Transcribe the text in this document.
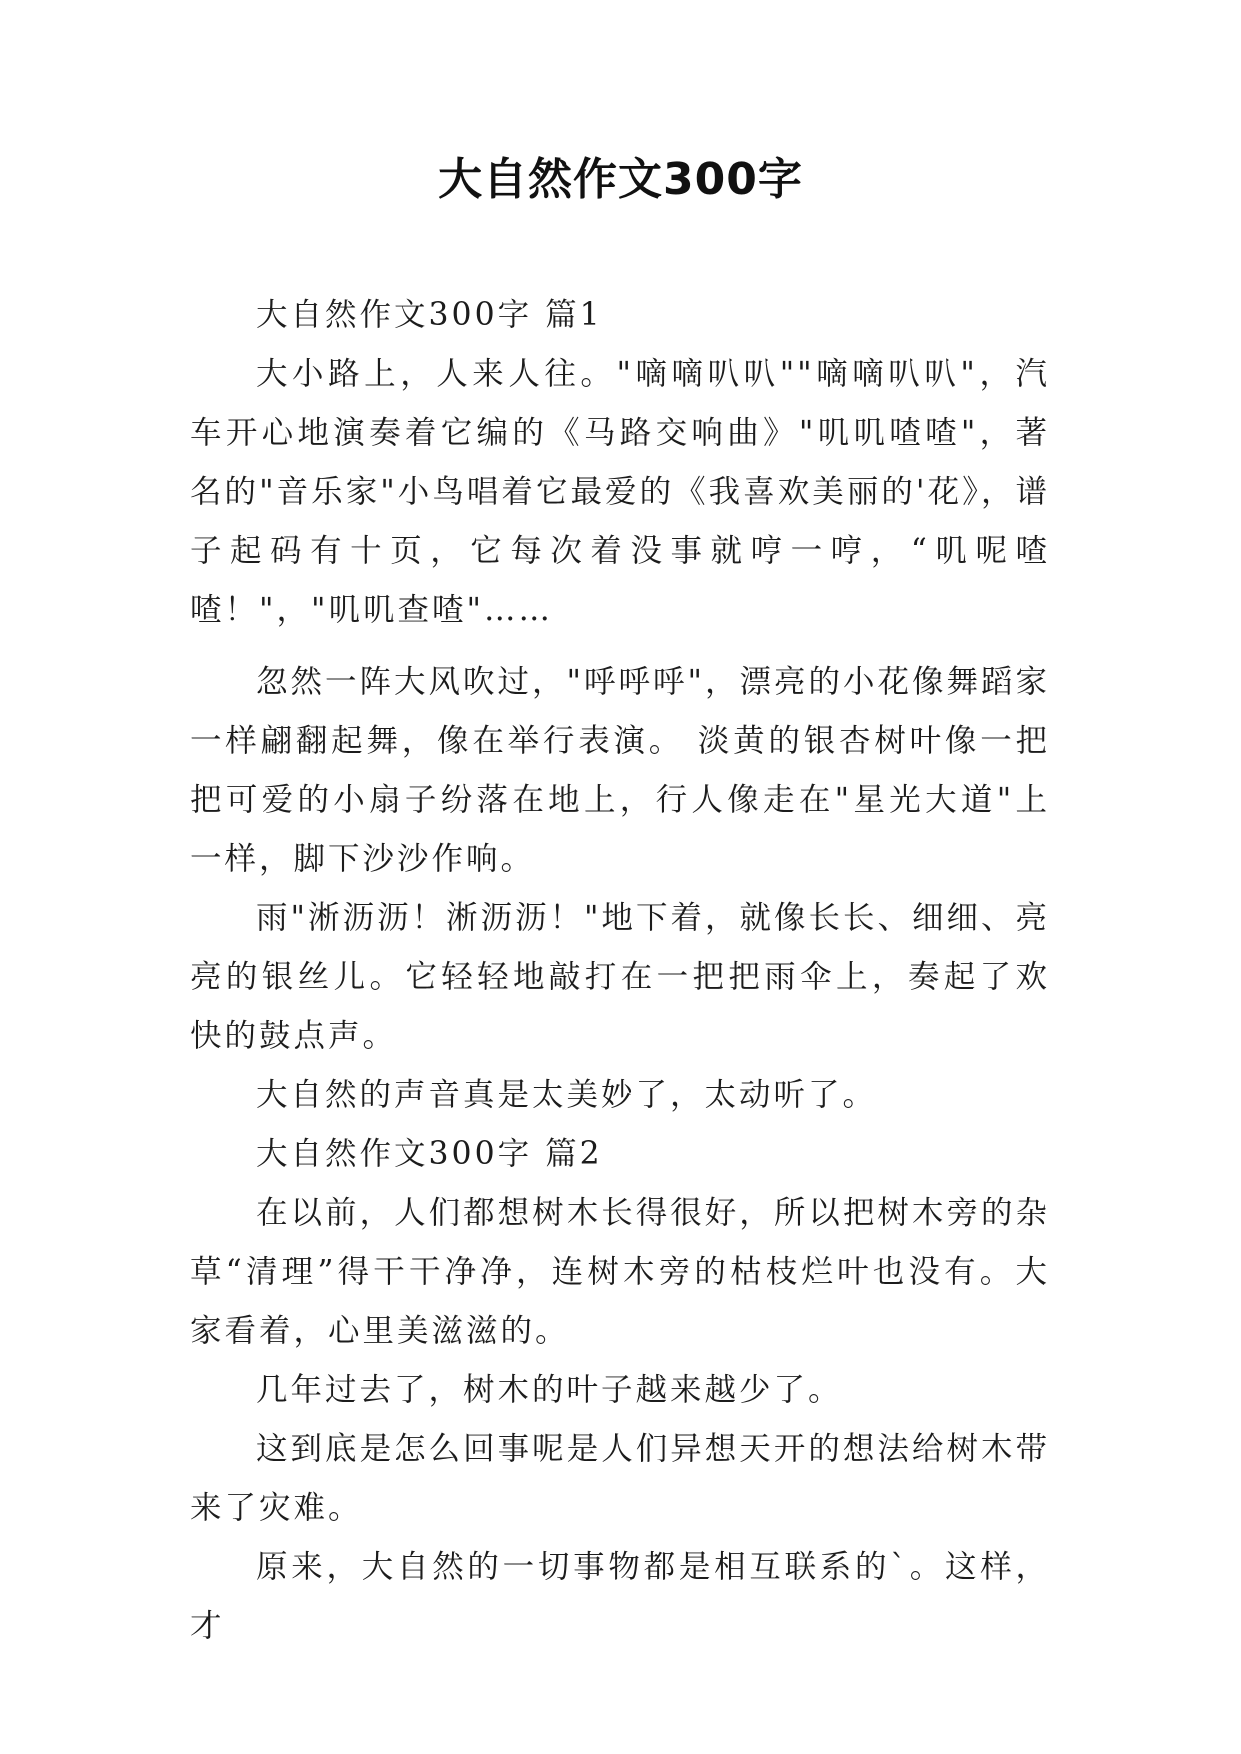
大自然作文300字

大自然作文300字 篇1

大小路上，人来人往。"嘀嘀叭叭""嘀嘀叭叭"，汽车开心地演奏着它编的《马路交响曲》"叽叽喳喳"，著名的"音乐家"小鸟唱着它最爱的《我喜欢美丽的'花》，谱子起码有十页，它每次着没事就哼一哼，“叽呢喳喳！"，"叽叽查喳"……

忽然一阵大风吹过，"呼呼呼"，漂亮的小花像舞蹈家一样翩翻起舞，像在举行表演。 淡黄的银杏树叶像一把把可爱的小扇子纷落在地上，行人像走在"星光大道"上一样，脚下沙沙作响。

雨"淅沥沥！淅沥沥！"地下着，就像长长、细细、亮亮的银丝儿。它轻轻地敲打在一把把雨伞上，奏起了欢快的鼓点声。

大自然的声音真是太美妙了，太动听了。

大自然作文300字 篇2

在以前，人们都想树木长得很好，所以把树木旁的杂草“清理”得干干净净，连树木旁的枯枝烂叶也没有。大家看着，心里美滋滋的。

几年过去了，树木的叶子越来越少了。

这到底是怎么回事呢是人们异想天开的想法给树木带来了灾难。

原来，大自然的一切事物都是相互联系的`。这样，才
